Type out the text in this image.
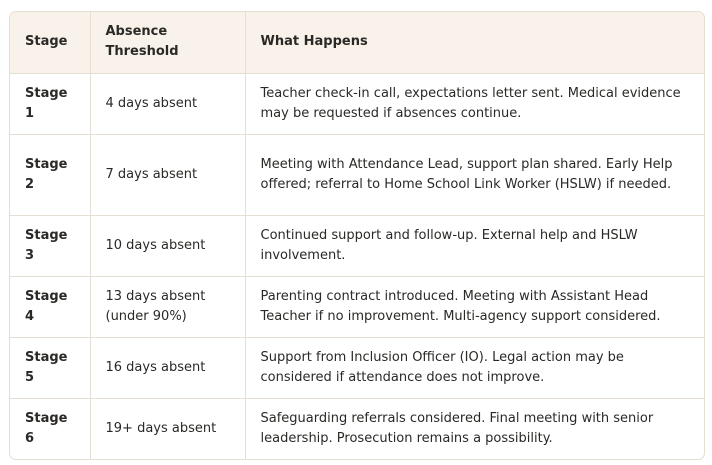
Stage	Absence Threshold	What Happens
Stage 1	4 days absent	Teacher check-in call, expectations letter sent. Medical evidence may be requested if absences continue.
Stage 2	7 days absent	Meeting with Attendance Lead, support plan shared. Early Help offered; referral to Home School Link Worker (HSLW) if needed.
Stage 3	10 days absent	Continued support and follow-up. External help and HSLW involvement.
Stage 4	13 days absent (under 90%)	Parenting contract introduced. Meeting with Assistant Head Teacher if no improvement. Multi-agency support considered.
Stage 5	16 days absent	Support from Inclusion Officer (IO). Legal action may be considered if attendance does not improve.
Stage 6	19+ days absent	Safeguarding referrals considered. Final meeting with senior leadership. Prosecution remains a possibility.
